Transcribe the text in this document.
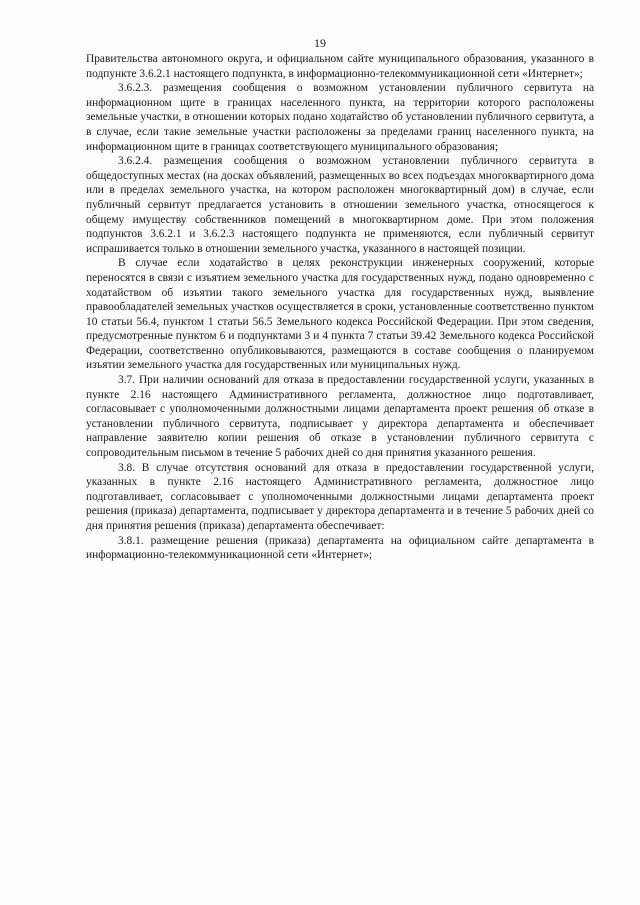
19

Правительства автономного округа, и официальном сайте муниципального образования, указанного в подпункте 3.6.2.1 настоящего подпункта, в информационно-телекоммуникационной сети «Интернет»;

3.6.2.3. размещения сообщения о возможном установлении публичного сервитута на информационном щите в границах населенного пункта, на территории которого расположены земельные участки, в отношении которых подано ходатайство об установлении публичного сервитута, а в случае, если такие земельные участки расположены за пределами границ населенного пункта, на информационном щите в границах соответствующего муниципального образования;

3.6.2.4. размещения сообщения о возможном установлении публичного сервитута в общедоступных местах (на досках объявлений, размещенных во всех подъездах многоквартирного дома или в пределах земельного участка, на котором расположен многоквартирный дом) в случае, если публичный сервитут предлагается установить в отношении земельного участка, относящегося к общему имуществу собственников помещений в многоквартирном доме. При этом положения подпунктов 3.6.2.1 и 3.6.2.3 настоящего подпункта не применяются, если публичный сервитут испрашивается только в отношении земельного участка, указанного в настоящей позиции.

В случае если ходатайство в целях реконструкции инженерных сооружений, которые переносятся в связи с изъятием земельного участка для государственных нужд, подано одновременно с ходатайством об изъятии такого земельного участка для государственных нужд, выявление правообладателей земельных участков осуществляется в сроки, установленные соответственно пунктом 10 статьи 56.4, пунктом 1 статьи 56.5 Земельного кодекса Российской Федерации. При этом сведения, предусмотренные пунктом 6 и подпунктами 3 и 4 пункта 7 статьи 39.42 Земельного кодекса Российской Федерации, соответственно опубликовываются, размещаются в составе сообщения о планируемом изъятии земельного участка для государственных или муниципальных нужд.

3.7. При наличии оснований для отказа в предоставлении государственной услуги, указанных в пункте 2.16 настоящего Административного регламента, должностное лицо подготавливает, согласовывает с уполномоченными должностными лицами департамента проект решения об отказе в установлении публичного сервитута, подписывает у директора департамента и обеспечивает направление заявителю копии решения об отказе в установлении публичного сервитута с сопроводительным письмом в течение 5 рабочих дней со дня принятия указанного решения.

3.8. В случае отсутствия оснований для отказа в предоставлении государственной услуги, указанных в пункте 2.16 настоящего Административного регламента, должностное лицо подготавливает, согласовывает с уполномоченными должностными лицами департамента проект решения (приказа) департамента, подписывает у директора департамента и в течение 5 рабочих дней со дня принятия решения (приказа) департамента обеспечивает:

3.8.1. размещение решения (приказа) департамента на официальном сайте департамента в информационно-телекоммуникационной сети «Интернет»;
